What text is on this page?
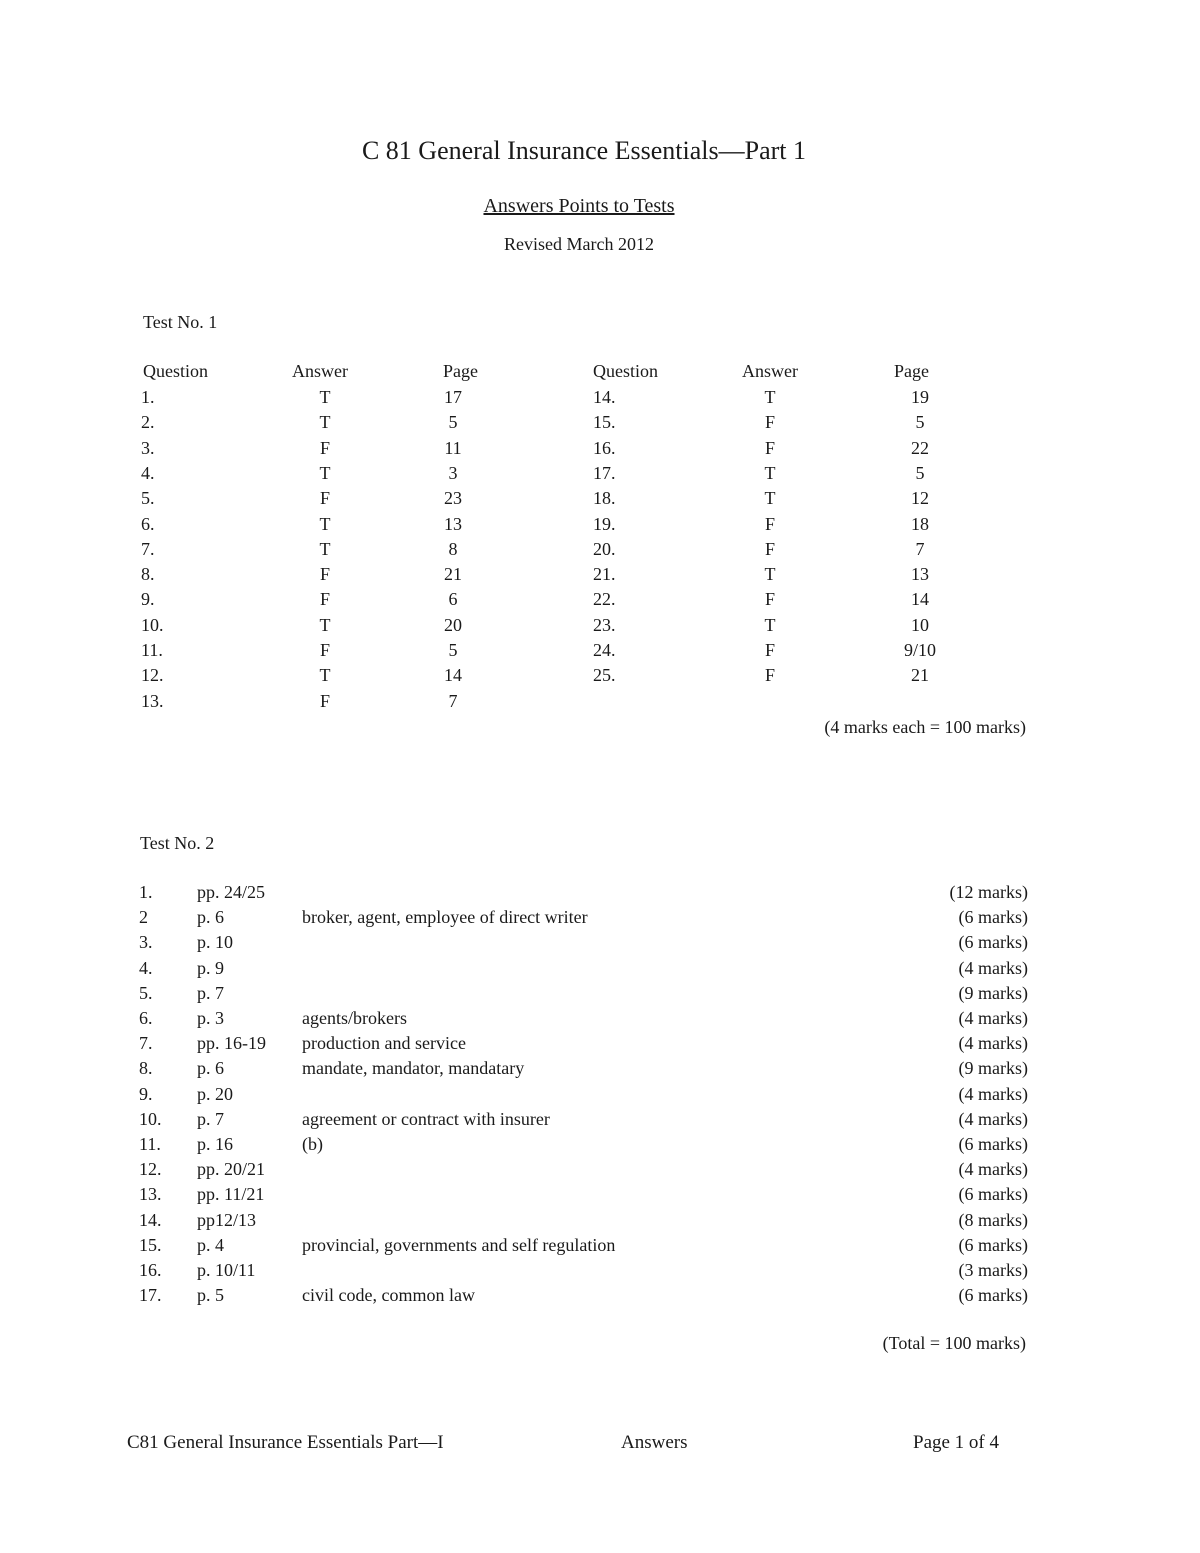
C 81 General Insurance Essentials—Part 1
Answers Points to Tests
Revised March 2012
Test No. 1
Question	Answer	Page	Question	Answer	Page
1.	T	17	14.	T	19
2.	T	5	15.	F	5
3.	F	11	16.	F	22
4.	T	3	17.	T	5
5.	F	23	18.	T	12
6.	T	13	19.	F	18
7.	T	8	20.	F	7
8.	F	21	21.	T	13
9.	F	6	22.	F	14
10.	T	20	23.	T	10
11.	F	5	24.	F	9/10
12.	T	14	25.	F	21
13.	F	7
(4 marks each = 100 marks)
Test No. 2
1. pp. 24/25	(12 marks)
2	p. 6	broker, agent, employee of direct writer	(6 marks)
3. p. 10	(6 marks)
4. p. 9	(4 marks)
5. p. 7	(9 marks)
6. p. 3	agents/brokers	(4 marks)
7. pp. 16-19 production and service	(4 marks)
8. p. 6	mandate, mandator, mandatary	(9 marks)
9. p. 20	(4 marks)
10. p. 7	agreement or contract with insurer	(4 marks)
11. p. 16	(b)	(6 marks)
12. pp. 20/21	(4 marks)
13. pp. 11/21	(6 marks)
14. pp12/13	(8 marks)
15. p. 4	provincial, governments and self regulation	(6 marks)
16. p. 10/11	(3 marks)
17. p. 5	civil code, common law	(6 marks)
(Total = 100 marks)
C81 General Insurance Essentials Part—I	Answers	Page 1 of 4
